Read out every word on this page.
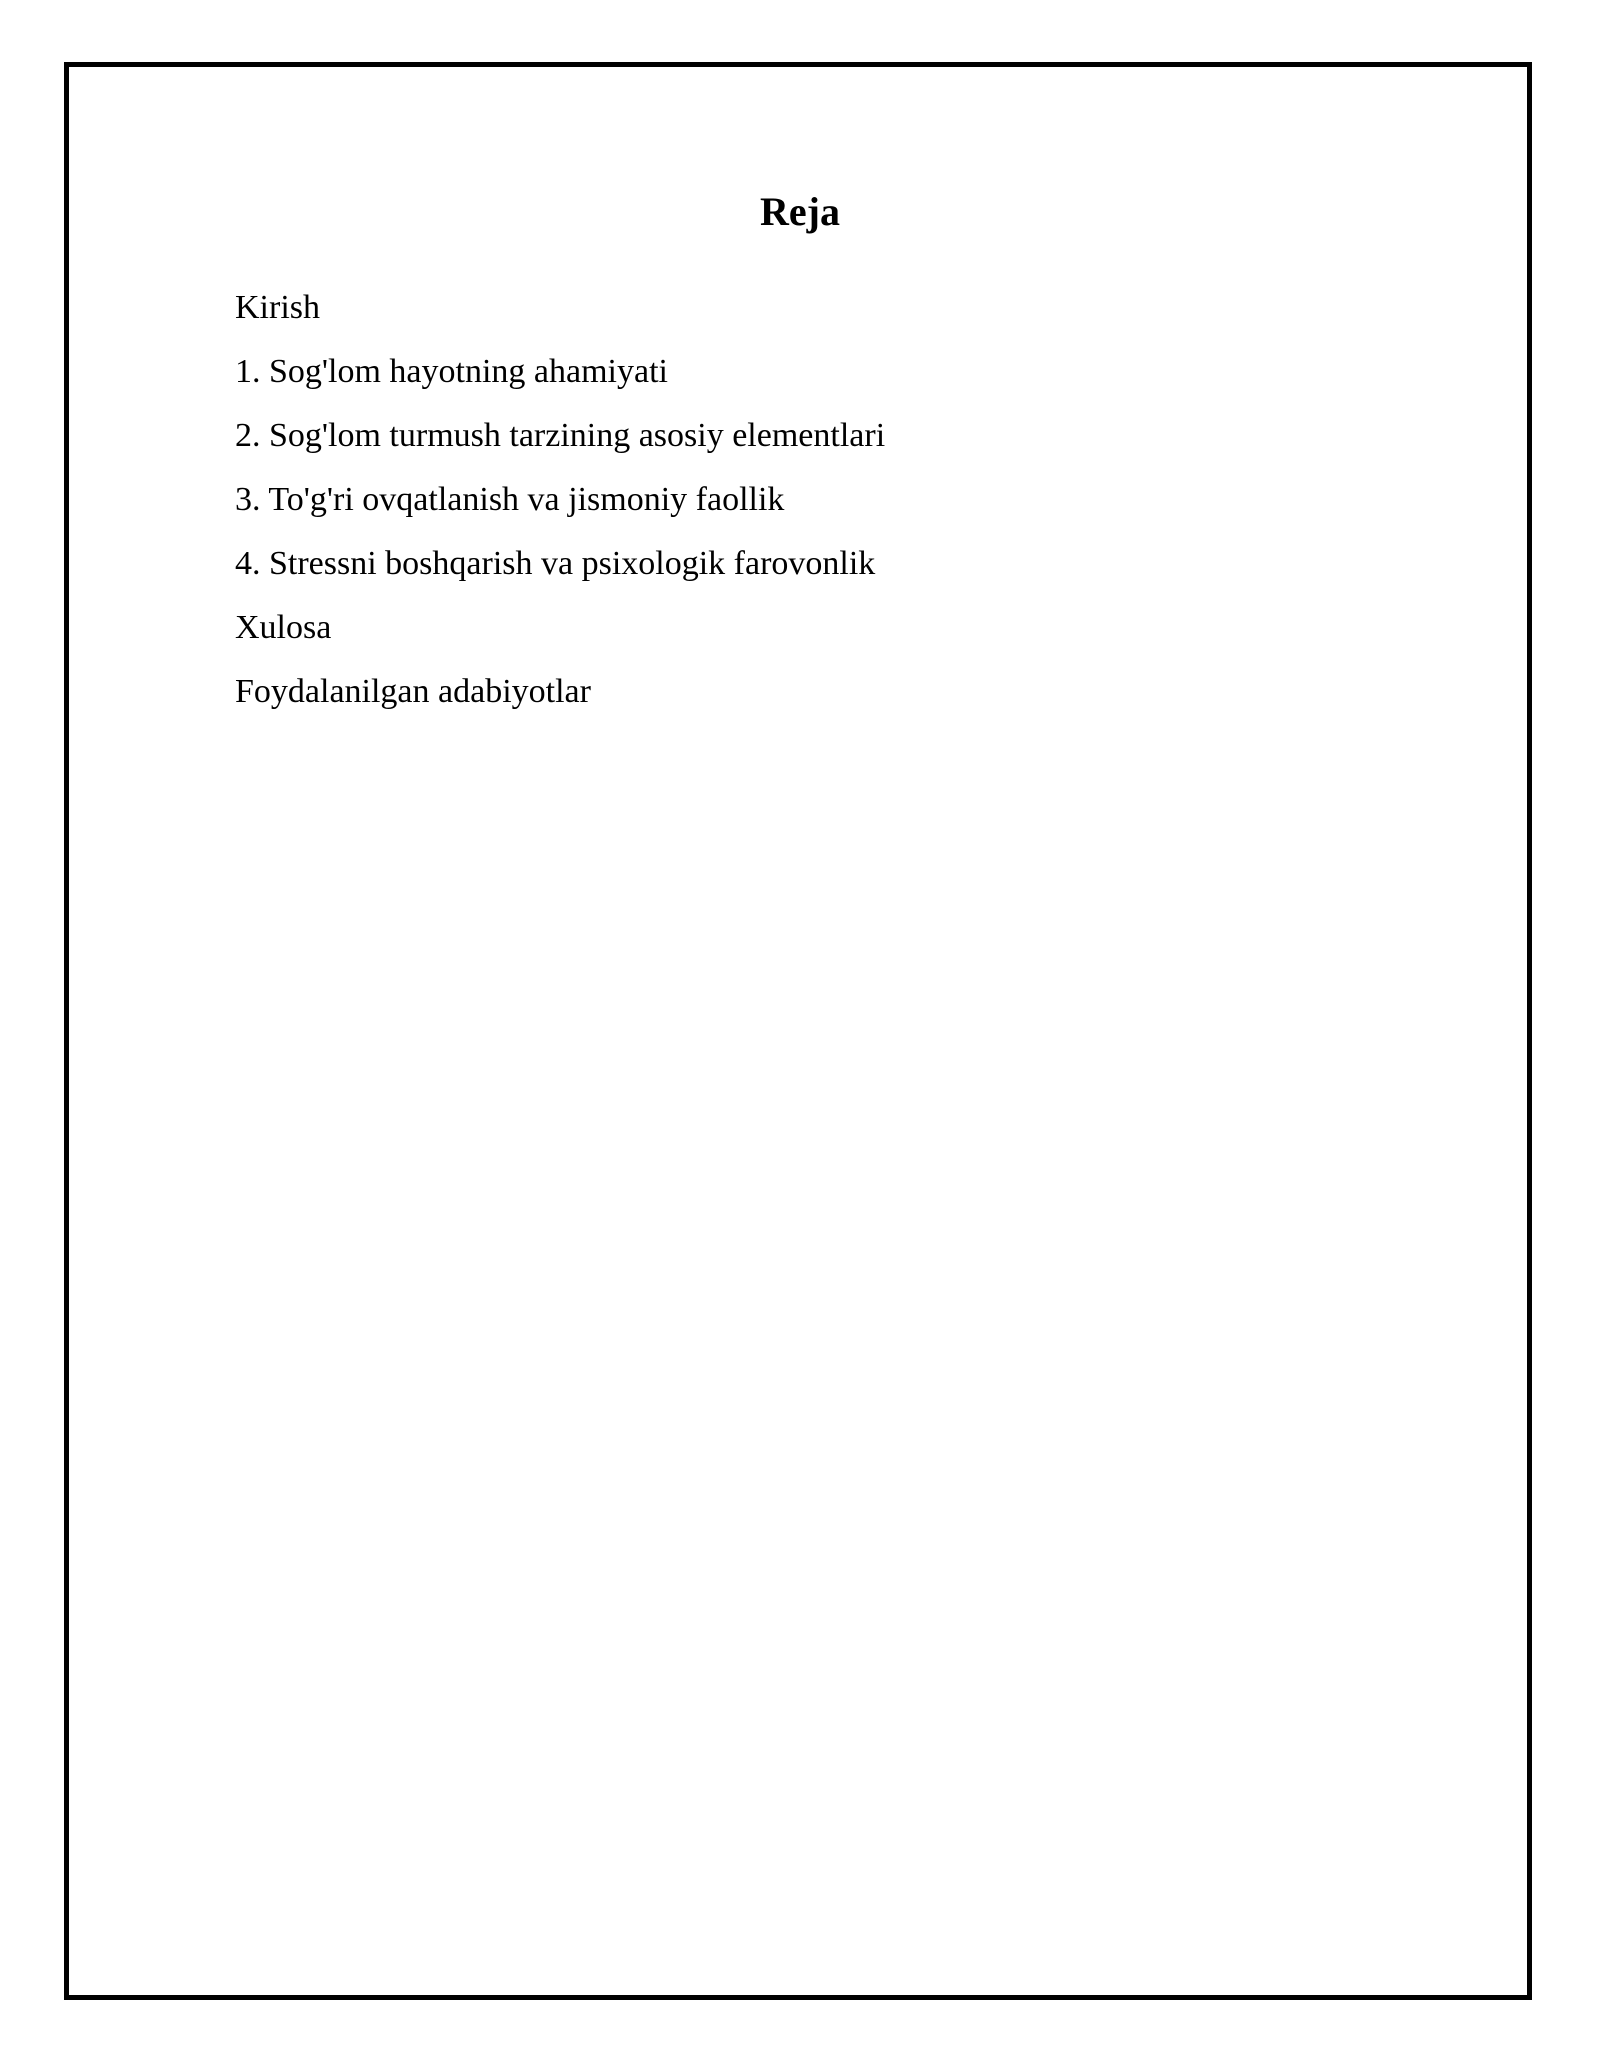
Reja
Kirish
1. Sog'lom hayotning ahamiyati
2. Sog'lom turmush tarzining asosiy elementlari
3. To'g'ri ovqatlanish va jismoniy faollik
4. Stressni boshqarish va psixologik farovonlik
Xulosa
Foydalanilgan adabiyotlar
